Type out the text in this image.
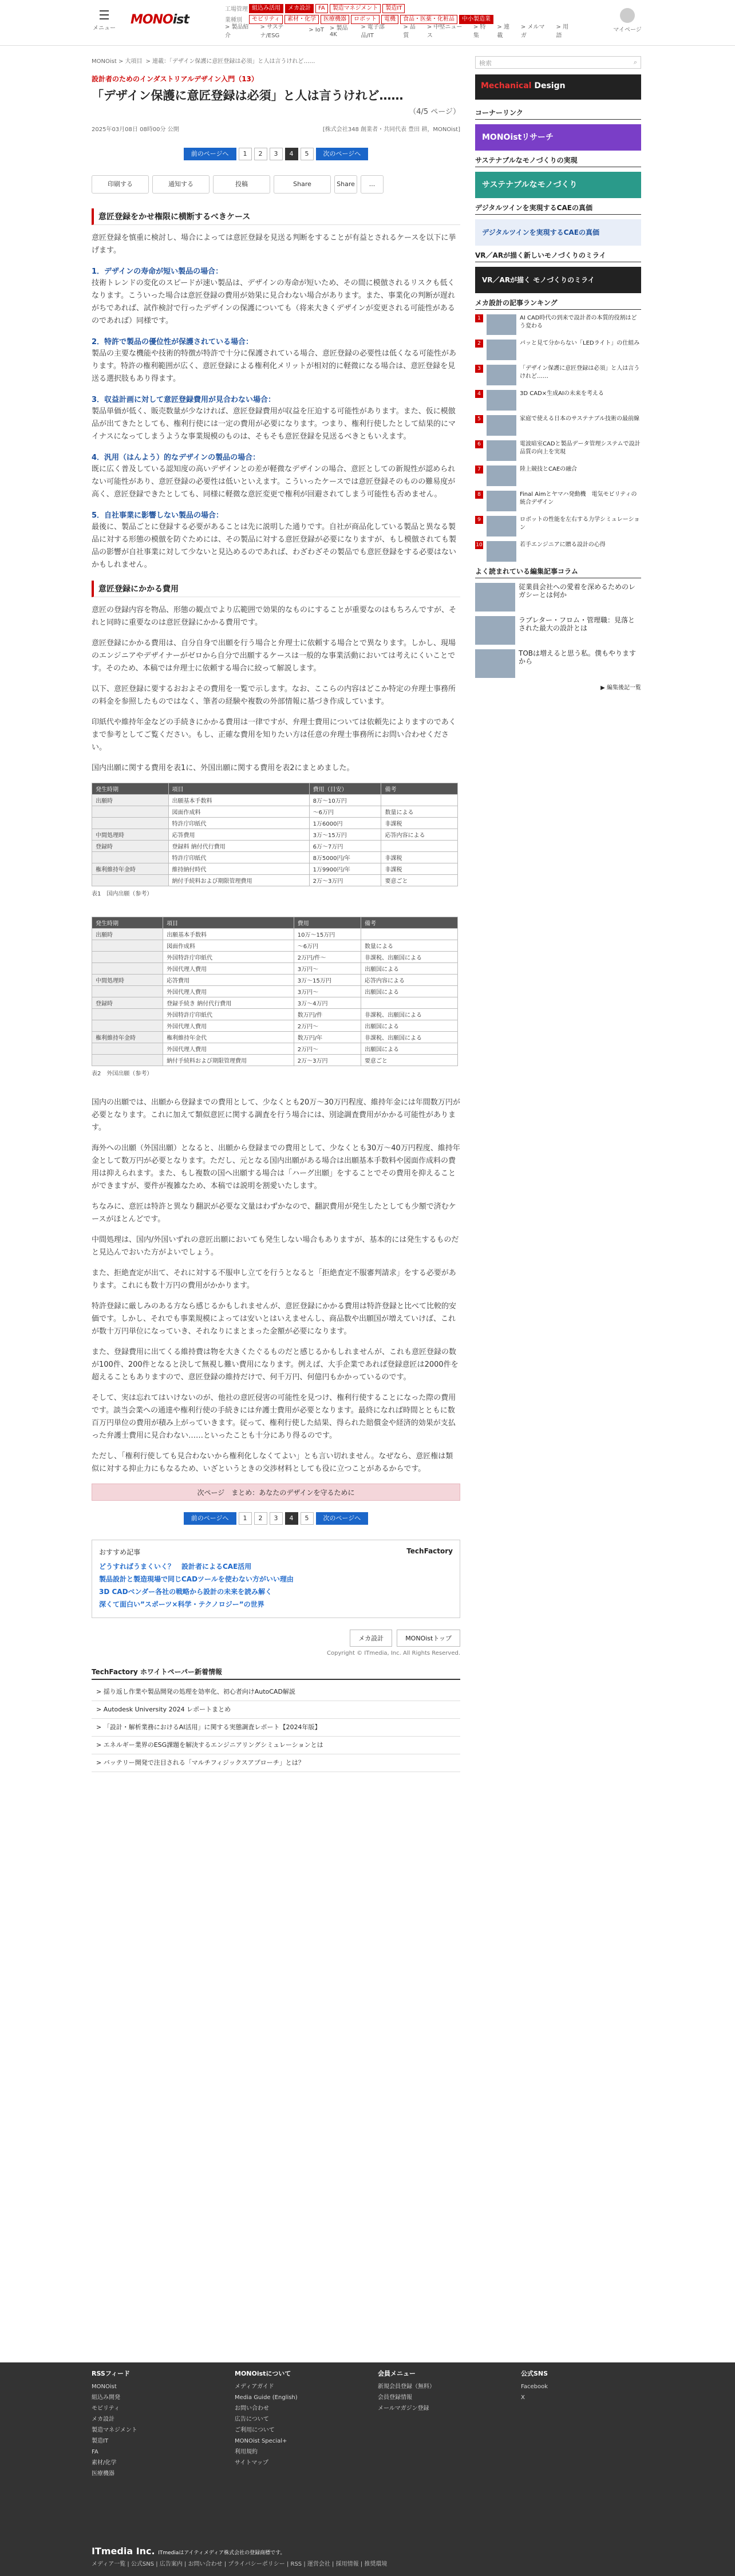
☰
メニュー
MONOist
工場管理 組込み活用 メカ設計 FA 製造マネジメント 製造IT
業種別	モビリティ 素材・化学 医療機器 ロボット 電機 食品・医薬・化粧品 中小製造業
> 製品紹介
> サステナ/ESG
> IoT > 製品4K
> 電子部品/IT
> 品質
> 中堅ニュース
> 特集
> 連載
> メルマガ
> 用語
マイページ
MONOist > 大項目 > 連載：「デザイン保護に意匠登録は必須」と人は言うけれど……
設計者のためのインダストリアルデザイン入門（13）
「デザイン保護に意匠登録は必須」と人は言うけれど……
（4/5 ページ）
2025年03月08日 08時00分 公開	[株式会社348 創業者・共同代表 豊田 耕，MONOist]
前のページへ	1	2	3	4	5	次のページへ
印刷する	通知する	投稿	Share	Share	...
意匠登録をかせ権限に横断するべきケース

意匠登録を慎重に検討し、場合によっては意匠登録を見送る判断をすることが有益とされるケースを以下に挙げます。

1．デザインの寿命が短い製品の場合：

技術トレンドの変化のスピードが速い製品は、デザインの寿命が短いため、その間に模倣されるリスクも低くなります。こういった場合は意匠登録の費用が効果に見合わない場合があります。また、事業化の判断が遅れがちであれば、試作検討で行ったデザインの保護についても（将来大きくデザインが変更される可能性があるのであれば）同様です。

2．特許で製品の優位性が保護されている場合：

製品の主要な機能や技術的特徴が特許で十分に保護されている場合、意匠登録の必要性は低くなる可能性があります。特許の権利範囲が広く、意匠登録による権利化メリットが相対的に軽微になる場合は、意匠登録を見送る選択肢もあり得ます。

3．収益計画に対して意匠登録費用が見合わない場合：

製品単価が低く、販売数量が少なければ、意匠登録費用が収益を圧迫する可能性があります。また、仮に模倣品が出てきたとしても、権利行使には一定の費用が必要になります。つまり、権利行使したとして結果的にマイナスになってしまうような事業規模のものは、そもそも意匠登録を見送るべきともいえます。

4．汎用（はんよう）的なデザインの製品の場合：

既に広く普及している認知度の高いデザインとの差が軽微なデザインの場合、意匠としての新規性が認められない可能性があり、意匠登録の必要性は低いといえます。こういったケースでは意匠登録そのものの難易度が高く、意匠登録できたとしても、同様に軽微な意匠変更で権利が回避されてしまう可能性も否めません。

5．自社事業に影響しない製品の場合：

最後に、製品ごとに登録する必要があることは先に説明した通りです。自社が商品化している製品と異なる製品に対する形態の模倣を防ぐためには、その製品に対する意匠登録が必要になりますが、もし模倣されても製品の影響が自社事業に対して少ないと見込めるのであれば、わざわざその製品でも意匠登録をする必要はないかもしれません。

意匠登録にかかる費用

意匠の登録内容を物品、形態の観点でより広範囲で効果的なものにすることが重要なのはもちろんですが、それと同時に重要なのは意匠登録にかかる費用です。

意匠登録にかかる費用は、自分自身で出願を行う場合と弁理士に依頼する場合とで異なります。しかし、現場のエンジニアやデザイナーがゼロから自分で出願するケースは一般的な事業活動においては考えにくいことです。そのため、本稿では弁理士に依頼する場合に絞って解説します。

以下、意匠登録に要するおおよその費用を一覧で示します。なお、ここらの内容はどこか特定の弁理士事務所の料金を参照したものではなく、筆者の経験や複数の外部情報に基づき作成しています。

印紙代や維持年金などの手続きにかかる費用は一律ですが、弁理士費用については依頼先によりますのであくまで参考としてご覧ください。もし、正確な費用を知りたい方は任意の弁理士事務所にお問い合わせください。

国内出願に関する費用を表1に、外国出願に関する費用を表2にまとめました。

発生時期	項目	費用（目安）	備考
出願時	出願基本手数料	8万〜10万円	
	図面作成料	〜6万円	数量による
	特許庁印紙代	1万6000円	非課税
中間処理時	応答費用	3万〜15万円	応答内容による
登録時	登録料 納付代行費用	6万〜7万円	
	特許庁印紙代	8万5000円/年	非課税
権利維持年金時	維持納付時代	1万9900円/年	非課税
	納付手続料および期限管理費用	2万〜3万円	要意ごと
表1　国内出願（参考）
発生時期	項目	費用	備考
出願時	出願基本手数料	10万〜15万円	
	図面作成料	〜6万円	数量による
	外国特許庁印紙代	2万円/件〜	非課税、出願国による
	外国代理人費用	3万円〜	出願国による
中間処理時	応答費用	3万〜15万円	応答内容による
	外国代理人費用	3万円〜	出願国による
登録時	登録手続き 納付代行費用	3万〜4万円	
	外国特許庁印紙代	数万円/件	非課税、出願国による
	外国代理人費用	2万円〜	出願国による
権利維持年金時	権利維持年金代	数万円/年	非課税、出願国による
	外国代理人費用	2万円〜	出願国による
	納付手続料および期限管理費用	2万〜3万円	要意ごと
表2　外国出願（参考）

国内の出願では、出願から登録までの費用として、少なくとも20万〜30万円程度、維持年金には年間数万円が必要となります。これに加えて類似意匠に関する調査を行う場合には、別途調査費用がかかる可能性があります。

海外への出願（外国出願）となると、出願から登録までの費用として、少なくとも30万〜40万円程度、維持年金として数万円が必要となります。ただし、元となる国内出願がある場合は出願基本手数料や図面作成料の費用は抑えられます。また、もし複数の国へ出願する場合は「ハーグ出願」をすることでその費用を抑えることができますが、要件が複雑なため、本稿では説明を割愛いたします。

ちなみに、意匠は特許と異なり翻訳が必要な文量はわずかなので、翻訳費用が発生したとしても少額で済むケースがほとんどです。

中間処理は、国内/外国いずれの意匠出願においても発生しない場合もありますが、基本的には発生するものだと見込んでおいた方がよいでしょう。

また、拒絶査定が出て、それに対する不服申し立てを行うとなると「拒絶査定不服審判請求」をする必要があります。これにも数十万円の費用がかかります。

特許登録に厳しみのある方なら感じるかもしれませんが、意匠登録にかかる費用は特許登録と比べて比較的安価です。しかし、それでも事業規模によっては安いとはいえませんし、商品数や出願国が増えていけば、これが数十万円単位になっていき、それなりにまとまった金額が必要になります。

また、登録費用に出てくる維持費は物を大きくたぐるものだと感じるかもしれませんが、これも意匠登録の数が100件、200件となると決して無視し難い費用になります。例えば、大手企業であれば登録意匠は2000件を超えることもありますので、意匠登録の維持だけで、何千万円、何億円もかかっているのです。

そして、実は忘れてはいけないのが、他社の意匠侵害の可能性を見つけ、権利行使することになった際の費用です。談当会業への通達や権利行使の手続きには弁護士費用が必要となります。最終になれば時間とともに数百万円単位の費用が積み上がっていきます。従って、権利行使した結果、得られた賠償金や経済的効果が支払った弁護士費用に見合わない……といったことも十分にあり得るのです。

ただし、「権利行使しても見合わないから権利化しなくてよい」とも言い切れません。なぜなら、意匠権は類似に対する抑止力にもなるため、いざというときの交渉材料としても役に立つことがあるからです。

次ページ　まとめ：あなたのデザインを守るために
前のページへ	1	2	3	4	5	次のページへ
おすすめ記事	TechFactory
どうすればうまくいく？　設計者によるCAE活用
製品設計と製造現場で同じCADツールを使わない方がいい理由
3D CADベンダー各社の戦略から設計の未来を読み解く
深くて面白い”スポーツ×科学・テクノロジー”の世界
メカ設計	MONOistトップ
Copyright © ITmedia, Inc. All Rights Reserved.
TechFactory ホワイトペーパー新着情報
> 揺り返し作業や製品開発の処理を効率化、初心者向けAutoCAD解説
> Autodesk University 2024 レポートまとめ
> 「設計・解析業務におけるAI活用」に関する実態調査レポート【2024年版】
> エネルギー業界のESG課題を解決するエンジニアリングシミュレーションとは
> バッテリー開発で注目される「マルチフィジックスアプローチ」とは？
検索	⌕
Mechanical Design
コーナーリンク
MONOistリサーチ
サステナブルなモノづくりの実現
サステナブルなモノづくり
デジタルツインを実現するCAEの真価
デジタルツインを実現するCAEの真価
VR／ARが描く新しいモノづくりのミライ
VR／ARが描く モノづくりのミライ
メカ設計の記事ランキング
1	AI CAD時代の到来で設計者の本質的役割はどう変わる
2	パッと見て分からない「LEDライト」の仕組み
3	「デザイン保護に意匠登録は必須」と人は言うけれど……
4	3D CAD×生成AIの未来を考える
5	家庭で使える日本のサステナブル技術の最前線
6	電波暗室CADと製品データ管理システムで設計品質の向上を実現
7	陸上競技とCAEの融合
8	Final Aimとヤマハ発動機　電気モビリティの統合デザイン
9	ロボットの性能を左右する力学シミュレーション
10	若手エンジニアに贈る設計の心得
よく読まれている編集記事コラム
従業員会社への愛着を深めるためのレガシーとは何か
ラブレター・フロム・管理職：見落とされた最大の設計とは
TOBは増えると思う私。僕もやりますから
▶ 編集後記一覧
RSSフィード
MONOist
組込み開発
モビリティ
メカ設計
製造マネジメント
製造IT
FA
素材/化学
医療機器
MONOistについて
メディアガイド
Media Guide (English)
お問い合わせ
広告について
ご利用について
MONOist Special+
利用規約
サイトマップ
会員メニュー
新規会員登録（無料）
会員登録情報
メールマガジン登録
公式SNS
Facebook
X
ITmedia Inc. ITmediaはアイティメディア株式会社の登録商標です。
メディア一覧 | 公式SNS | 広告案内 | お問い合わせ | プライバシーポリシー | RSS | 運営会社 | 採用情報 | 推奨環境
